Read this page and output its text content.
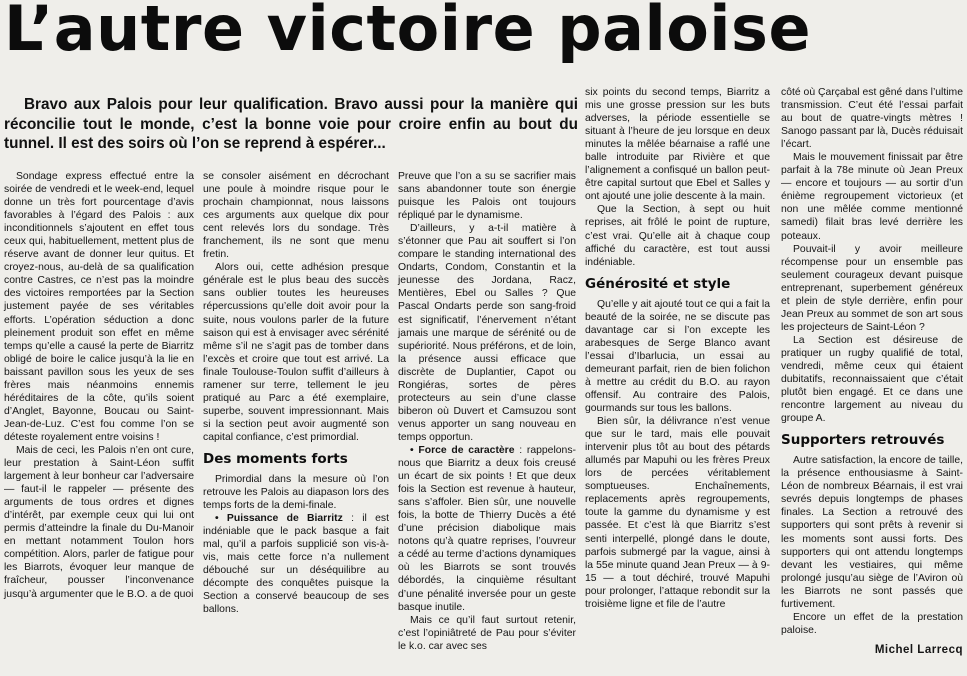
L’autre victoire paloise

Bravo aux Palois pour leur qualification. Bravo aussi pour la manière qui réconcilie tout le monde, c’est la bonne voie pour croire enfin au bout du tunnel. Il est des soirs où l’on se reprend à espérer...

Sondage express effectué entre la soirée de vendredi et le week-end, lequel donne un très fort pourcentage d’avis favorables à l’égard des Palois : aux inconditionnels s’ajoutent en effet tous ceux qui, habituellement, mettent plus de réserve avant de donner leur quitus. Et croyez-nous, au-delà de sa qualification contre Castres, ce n’est pas la moindre des victoires remportées par la Section justement payée de ses véritables efforts. L’opération séduction a donc pleinement produit son effet en même temps qu’elle a causé la perte de Biarritz obligé de boire le calice jusqu’à la lie en baissant pavillon sous les yeux de ses frères mais néanmoins ennemis héréditaires de la côte, qu’ils soient d’Anglet, Bayonne, Boucau ou Saint-Jean-de-Luz. C’est fou comme l’on se déteste royalement entre voisins !

Mais de ceci, les Palois n’en ont cure, leur prestation à Saint-Léon suffit largement à leur bonheur car l’adversaire — faut-il le rappeler — présente des arguments de tous ordres et dignes d’intérêt, par exemple ceux qui lui ont permis d’atteindre la finale du Du-Manoir en mettant notamment Toulon hors compétition. Alors, parler de fatigue pour les Biarrots, évoquer leur manque de fraîcheur, pousser l’inconvenance jusqu’à argumenter que le B.O. a de quoi

se consoler aisément en décrochant une poule à moindre risque pour le prochain championnat, nous laissons ces arguments aux quelque dix pour cent relevés lors du sondage. Très franchement, ils ne sont que menu fretin.

Alors oui, cette adhésion presque générale est le plus beau des succès sans oublier toutes les heureuses répercussions qu’elle doit avoir pour la suite, nous voulons parler de la future saison qui est à envisager avec sérénité même s’il ne s’agit pas de tomber dans l’excès et croire que tout est arrivé. La finale Toulouse-Toulon suffit d’ailleurs à ramener sur terre, tellement le jeu pratiqué au Parc a été exemplaire, superbe, souvent impressionnant. Mais si la section peut avoir augmenté son capital confiance, c’est primordial.

Des moments forts

Primordial dans la mesure où l’on retrouve les Palois au diapason lors des temps forts de la demi-finale.

• Puissance de Biarritz : il est indéniable que le pack basque a fait mal, qu’il a parfois supplicié son vis-à-vis, mais cette force n’a nullement débouché sur un déséquilibre au décompte des conquêtes puisque la Section a conservé beaucoup de ses ballons.

Preuve que l’on a su se sacrifier mais sans abandonner toute son énergie puisque les Palois ont toujours répliqué par le dynamisme.

D’ailleurs, y a-t-il matière à s’étonner que Pau ait souffert si l’on compare le standing international des Ondarts, Condom, Constantin et la jeunesse des Jordana, Racz, Mentières, Ebel ou Salles ? Que Pascal Ondarts perde son sang-froid est significatif, l’énervement n’étant jamais une marque de sérénité ou de supériorité. Nous préférons, et de loin, la présence aussi efficace que discrète de Duplantier, Capot ou Rongiéras, sortes de pères protecteurs au sein d’une classe biberon où Duvert et Camsuzou sont venus apporter un sang nouveau en temps opportun.

• Force de caractère : rappelons-nous que Biarritz a deux fois creusé un écart de six points ! Et que deux fois la Section est revenue à hauteur, sans s’affoler. Bien sûr, une nouvelle fois, la botte de Thierry Ducès a été d’une précision diabolique mais notons qu’à quatre reprises, l’ouvreur a cédé au terme d’actions dynamiques où les Biarrots se sont trouvés débordés, la cinquième résultant d’une pénalité inversée pour un geste basque inutile.

Mais ce qu’il faut surtout retenir, c’est l’opiniâtreté de Pau pour s’éviter le k.o. car avec ses

six points du second temps, Biarritz a mis une grosse pression sur les buts adverses, la période essentielle se situant à l’heure de jeu lorsque en deux minutes la mêlée béarnaise a raflé une balle introduite par Rivière et que l’alignement a confisqué un ballon peut-être capital surtout que Ebel et Salles y ont ajouté une jolie descente à la main.

Que la Section, à sept ou huit reprises, ait frôlé le point de rupture, c’est vrai. Qu’elle ait à chaque coup affiché du caractère, est tout aussi indéniable.

Générosité et style

Qu’elle y ait ajouté tout ce qui a fait la beauté de la soirée, ne se discute pas davantage car si l’on excepte les arabesques de Serge Blanco avant l’essai d’Ibarlucia, un essai au demeurant parfait, rien de bien folichon à mettre au crédit du B.O. au rayon offensif. Au contraire des Palois, gourmands sur tous les ballons.

Bien sûr, la délivrance n’est venue que sur le tard, mais elle pouvait intervenir plus tôt au bout des pétards allumés par Mapuhi ou les frères Preux lors de percées véritablement somptueuses. Enchaînements, replacements après regroupements, toute la gamme du dynamisme y est passée. Et c’est là que Biarritz s’est senti interpellé, plongé dans le doute, parfois submergé par la vague, ainsi à la 55e minute quand Jean Preux — à 9-15 — a tout déchiré, trouvé Mapuhi pour prolonger, l’attaque rebondit sur la troisième ligne et file de l’autre

côté où Çarçabal est gêné dans l’ultime transmission. C’eut été l’essai parfait au bout de quatre-vingts mètres ! Sanogo passant par là, Ducès réduisait l’écart.

Mais le mouvement finissait par être parfait à la 78e minute où Jean Preux — encore et toujours — au sortir d’un énième regroupement victorieux (et non une mêlée comme mentionné samedi) filait bras levé derrière les poteaux.

Pouvait-il y avoir meilleure récompense pour un ensemble pas seulement courageux devant puisque entreprenant, superbement généreux et plein de style derrière, enfin pour Jean Preux au sommet de son art sous les projecteurs de Saint-Léon ?

La Section est désireuse de pratiquer un rugby qualifié de total, vendredi, même ceux qui étaient dubitatifs, reconnaissaient que c’était plutôt bien engagé. Et ce dans une rencontre largement au niveau du groupe A.

Supporters retrouvés

Autre satisfaction, la encore de taille, la présence enthousiasme à Saint-Léon de nombreux Béarnais, il est vrai sevrés depuis longtemps de phases finales. La Section a retrouvé des supporters qui sont prêts à revenir si les moments sont aussi forts. Des supporters qui ont attendu longtemps devant les vestiaires, qui même prolongé jusqu’au siège de l’Aviron où les Biarrots ne sont passés que furtivement.

Encore un effet de la prestation paloise.

Michel Larrecq
